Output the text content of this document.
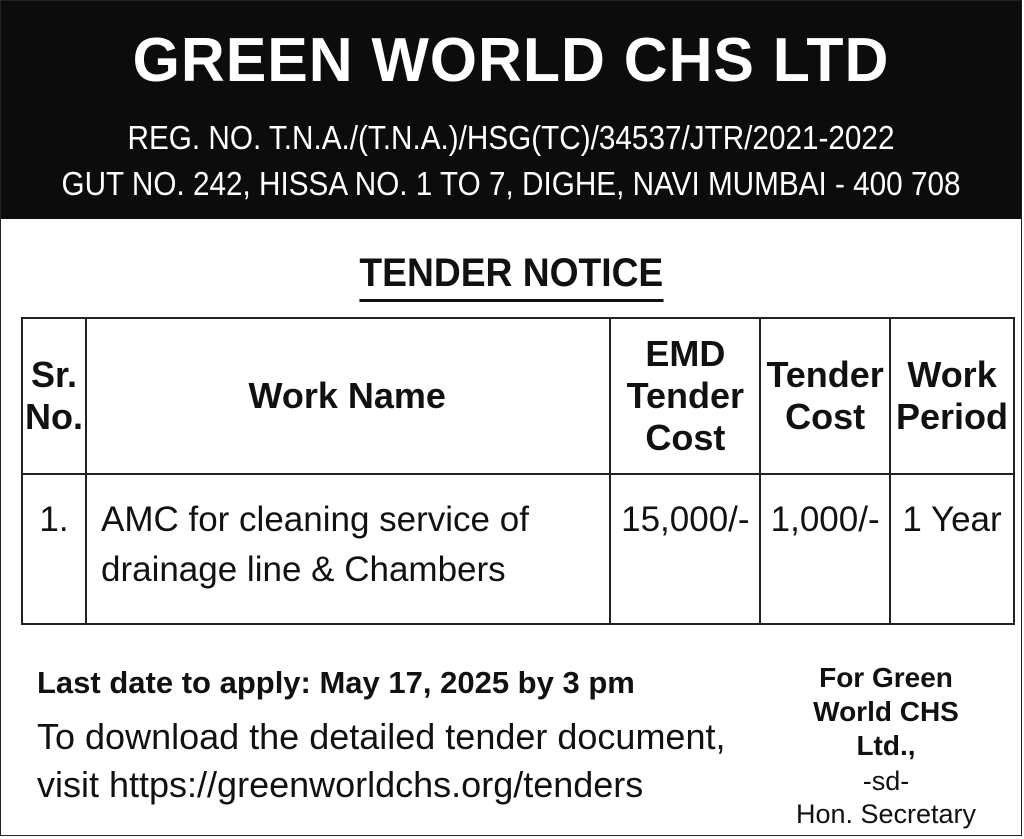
GREEN WORLD CHS LTD
REG. NO. T.N.A./(T.N.A.)/HSG(TC)/34537/JTR/2021-2022
GUT NO. 242, HISSA NO. 1 TO 7, DIGHE, NAVI MUMBAI - 400 708
TENDER NOTICE
Sr. No.	Work Name	EMD Tender Cost	Tender Cost	Work Period
1.	AMC for cleaning service of drainage line & Chambers	15,000/-	1,000/-	1 Year
Last date to apply: May 17, 2025 by 3 pm
To download the detailed tender document, visit https://greenworldchs.org/tenders
For Green World CHS Ltd.,
-sd-
Hon. Secretary
